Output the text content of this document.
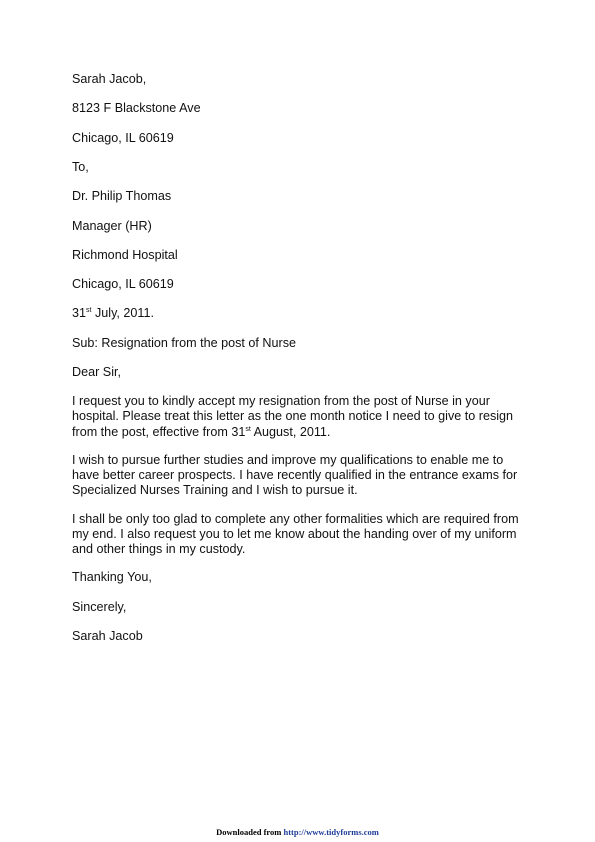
Sarah Jacob,
8123 F Blackstone Ave
Chicago, IL 60619
To,
Dr. Philip Thomas
Manager (HR)
Richmond Hospital
Chicago, IL 60619
31st July, 2011.
Sub: Resignation from the post of Nurse
Dear Sir,
I request you to kindly accept my resignation from the post of Nurse in your
hospital. Please treat this letter as the one month notice I need to give to resign
from the post, effective from 31st August, 2011.
I wish to pursue further studies and improve my qualifications to enable me to
have better career prospects. I have recently qualified in the entrance exams for
Specialized Nurses Training and I wish to pursue it.
I shall be only too glad to complete any other formalities which are required from
my end. I also request you to let me know about the handing over of my uniform
and other things in my custody.
Thanking You,
Sincerely,
Sarah Jacob
Downloaded from http://www.tidyforms.com
